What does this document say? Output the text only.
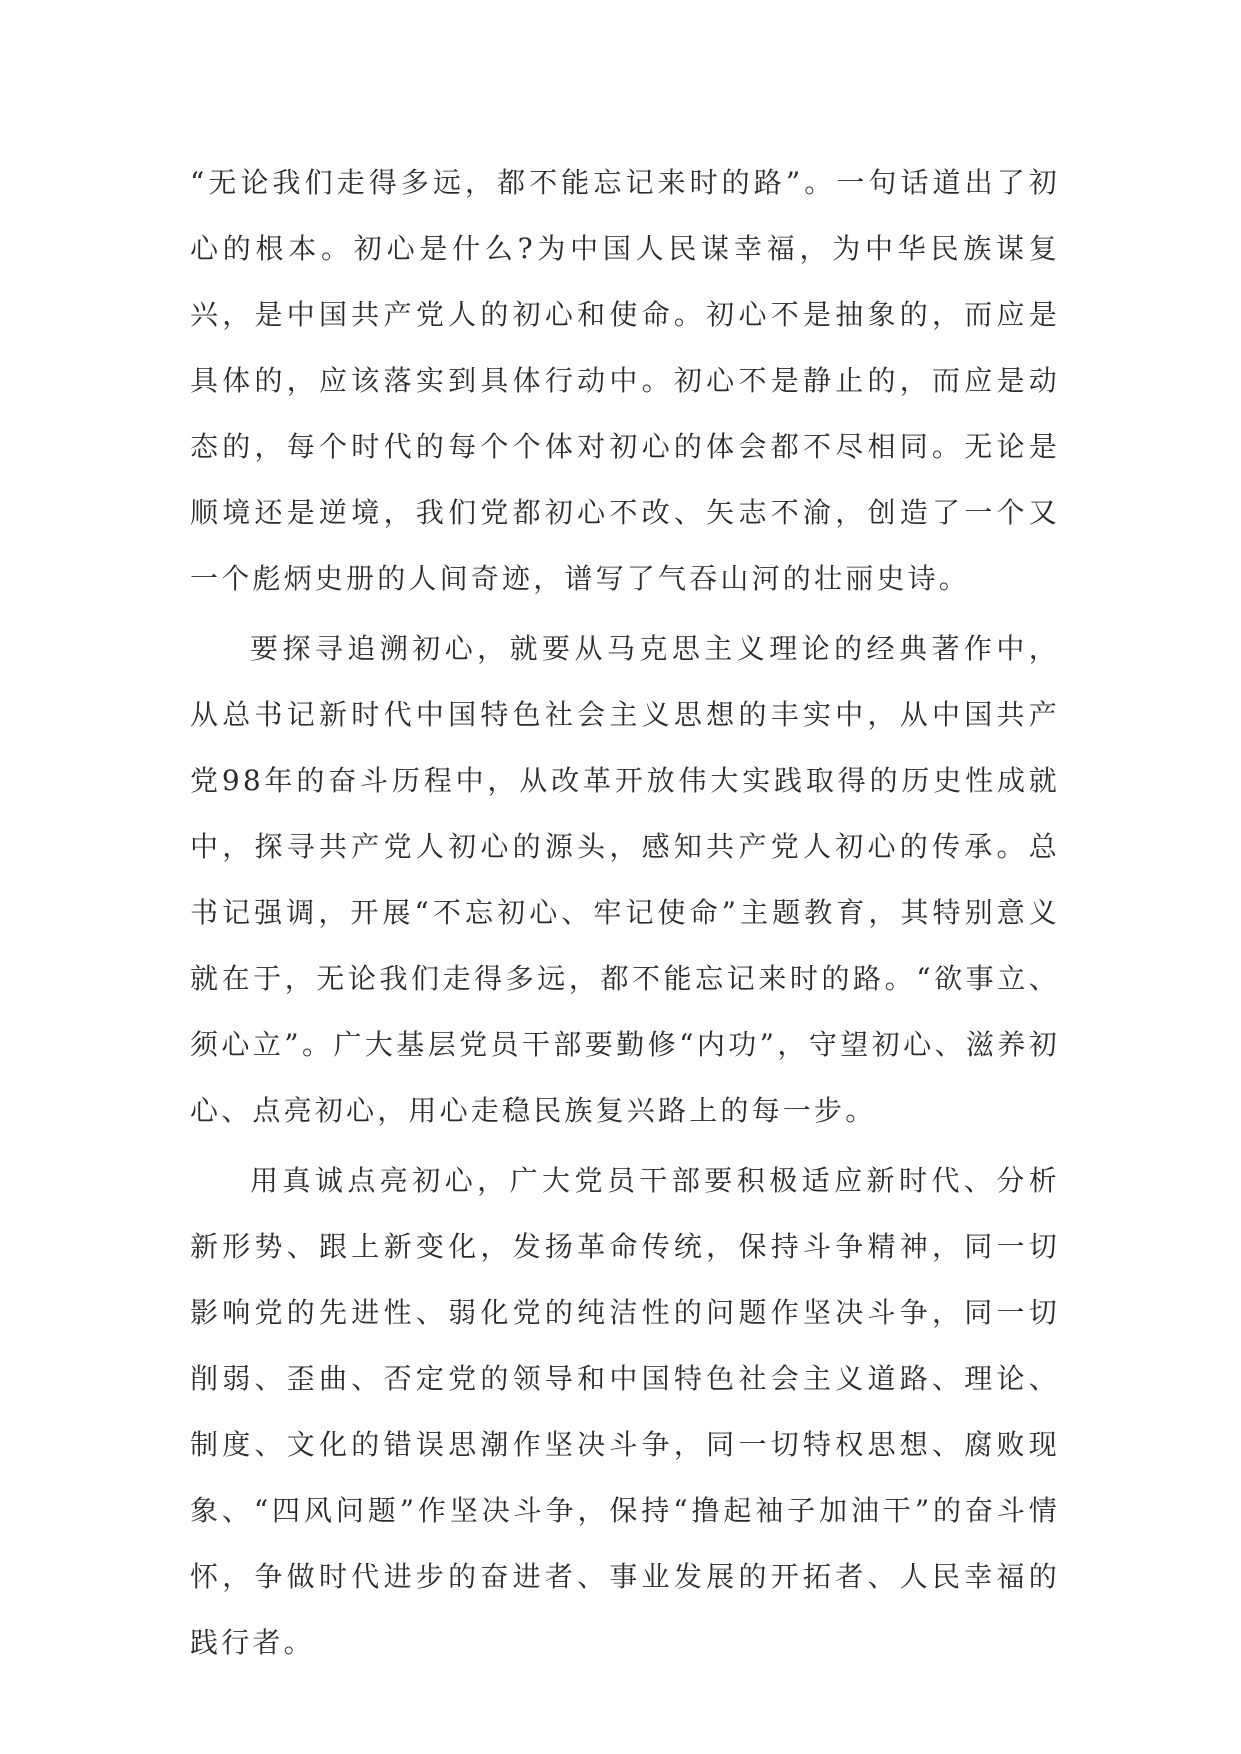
“无论我们走得多远，都不能忘记来时的路”。一句话道出了初心的根本。初心是什么?为中国人民谋幸福，为中华民族谋复兴，是中国共产党人的初心和使命。初心不是抽象的，而应是具体的，应该落实到具体行动中。初心不是静止的，而应是动态的，每个时代的每个个体对初心的体会都不尽相同。无论是顺境还是逆境，我们党都初心不改、矢志不渝，创造了一个又一个彪炳史册的人间奇迹，谱写了气吞山河的壮丽史诗。

要探寻追溯初心，就要从马克思主义理论的经典著作中，从总书记新时代中国特色社会主义思想的丰实中，从中国共产党98年的奋斗历程中，从改革开放伟大实践取得的历史性成就中，探寻共产党人初心的源头，感知共产党人初心的传承。总书记强调，开展“不忘初心、牢记使命”主题教育，其特别意义就在于，无论我们走得多远，都不能忘记来时的路。“欲事立、须心立”。广大基层党员干部要勤修“内功”，守望初心、滋养初心、点亮初心，用心走稳民族复兴路上的每一步。

用真诚点亮初心，广大党员干部要积极适应新时代、分析新形势、跟上新变化，发扬革命传统，保持斗争精神，同一切影响党的先进性、弱化党的纯洁性的问题作坚决斗争，同一切削弱、歪曲、否定党的领导和中国特色社会主义道路、理论、制度、文化的错误思潮作坚决斗争，同一切特权思想、腐败现象、“四风问题”作坚决斗争，保持“撸起袖子加油干”的奋斗情怀，争做时代进步的奋进者、事业发展的开拓者、人民幸福的践行者。
